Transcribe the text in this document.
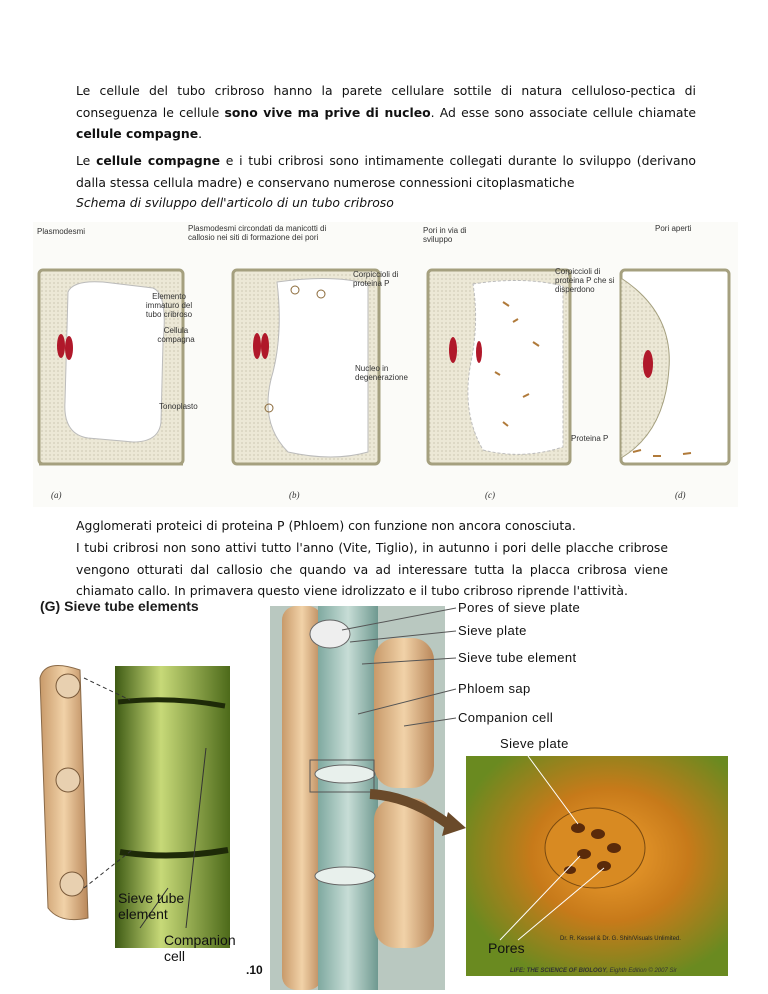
Le cellule del tubo cribroso hanno la parete cellulare sottile di natura celluloso-pectica di conseguenza le cellule sono vive ma prive di nucleo. Ad esse sono associate cellule chiamate cellule compagne.
Le cellule compagne e i tubi cribrosi sono intimamente collegati durante lo sviluppo (derivano dalla stessa cellula madre) e conservano numerose connessioni citoplasmatiche
Schema di sviluppo dell'articolo di un tubo cribroso
Plasmodesmi	Plasmodesmi circondati da manicotti di callosio nei siti di formazione dei pori
Pori in via di sviluppo
Pori aperti
Corpiccioli di proteina P
Corpiccioli di proteina P che si disperdono
Elemento immaturo del tubo cribroso
Cellula compagna
Nucleo in degenerazione
Tonoplasto
Proteina P
(a)	(b)	(c)	(d)
Agglomerati proteici di proteina P (Phloem) con funzione non ancora conosciuta.
I tubi cribrosi non sono attivi tutto l'anno (Vite, Tiglio), in autunno i pori delle placche cribrose vengono otturati dal callosio che quando va ad interessare tutta la placca cribrosa viene chiamato callo. In primavera questo viene idrolizzato e il tubo cribroso riprende l'attività.
(G) Sieve tube elements	Pores of sieve plate
Sieve plate
Sieve tube element
Phloem sap
Companion cell
Sieve plate
Sieve tube
element
Companion
cell	Pores
Dr. R. Kessel & Dr. G. Shih/Visuals Unlimited.
.10	LIFE: THE SCIENCE OF BIOLOGY, Eighth Edition © 2007 Sir
